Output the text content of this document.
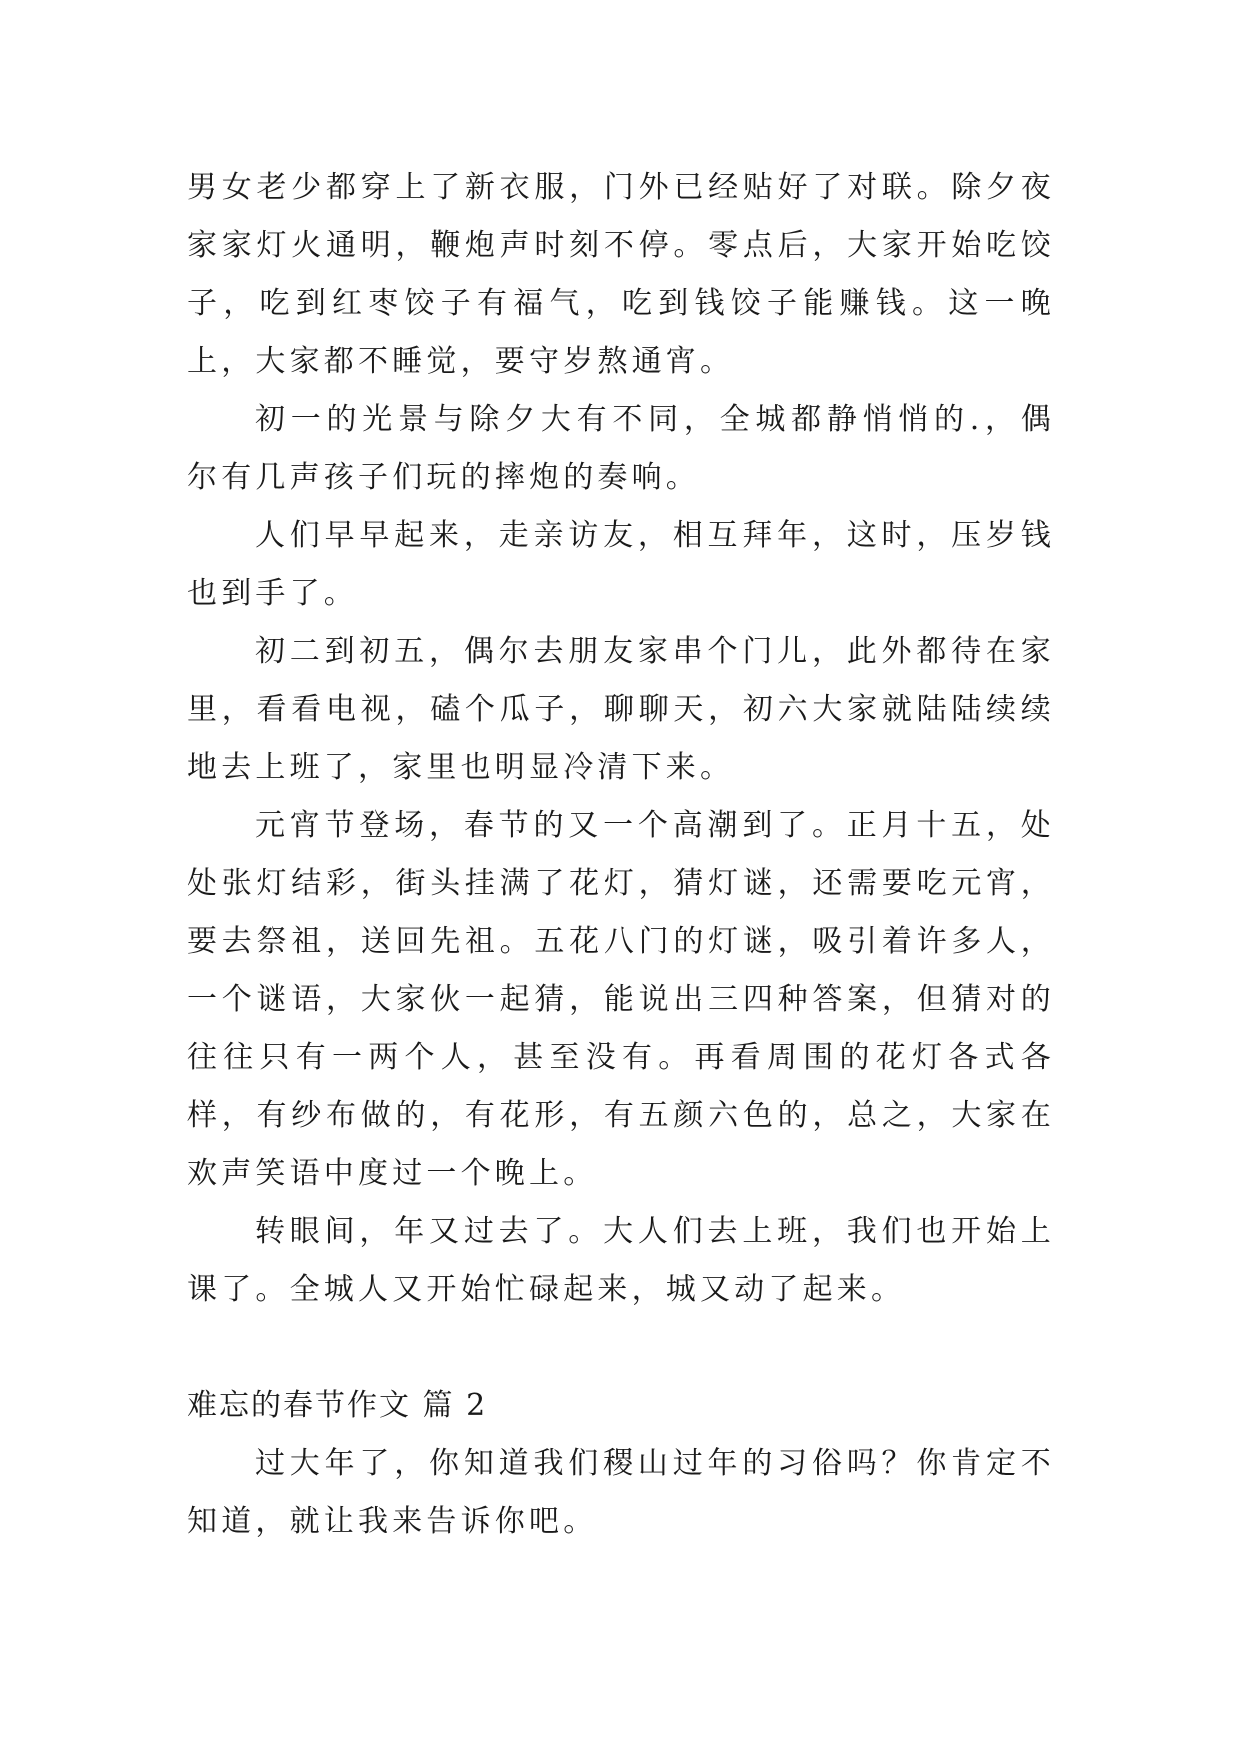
男女老少都穿上了新衣服，门外已经贴好了对联。除夕夜家家灯火通明，鞭炮声时刻不停。零点后，大家开始吃饺子，吃到红枣饺子有福气，吃到钱饺子能赚钱。这一晚上，大家都不睡觉，要守岁熬通宵。

初一的光景与除夕大有不同，全城都静悄悄的.，偶尔有几声孩子们玩的摔炮的奏响。

人们早早起来，走亲访友，相互拜年，这时，压岁钱也到手了。

初二到初五，偶尔去朋友家串个门儿，此外都待在家里，看看电视，磕个瓜子，聊聊天，初六大家就陆陆续续地去上班了，家里也明显冷清下来。

元宵节登场，春节的又一个高潮到了。正月十五，处处张灯结彩，街头挂满了花灯，猜灯谜，还需要吃元宵，要去祭祖，送回先祖。五花八门的灯谜，吸引着许多人，一个谜语，大家伙一起猜，能说出三四种答案，但猜对的往往只有一两个人，甚至没有。再看周围的花灯各式各样，有纱布做的，有花形，有五颜六色的，总之，大家在欢声笑语中度过一个晚上。

转眼间，年又过去了。大人们去上班，我们也开始上课了。全城人又开始忙碌起来，城又动了起来。

难忘的春节作文 篇 2

过大年了，你知道我们稷山过年的习俗吗？你肯定不知道，就让我来告诉你吧。
